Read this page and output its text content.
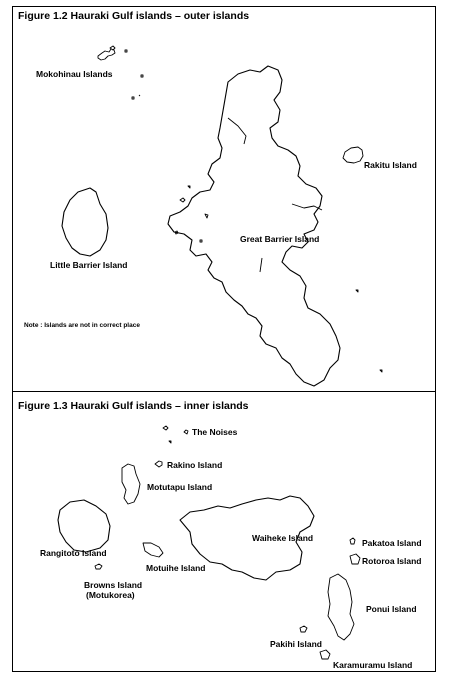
Figure 1.2 Hauraki Gulf islands – outer islands
Mokohinau Islands
Rakitu Island
Great Barrier Island
Little Barrier Island
Note : Islands are not in correct place
Figure 1.3 Hauraki Gulf islands – inner islands
The Noises
Rakino Island
Motutapu Island
Waiheke Island	Pakatoa Island
Rotoroa Island
Rangitoto Island
Motuihe Island
Browns Island
(Motukorea)
Ponui Island
Pakihi Island
Karamuramu Island
